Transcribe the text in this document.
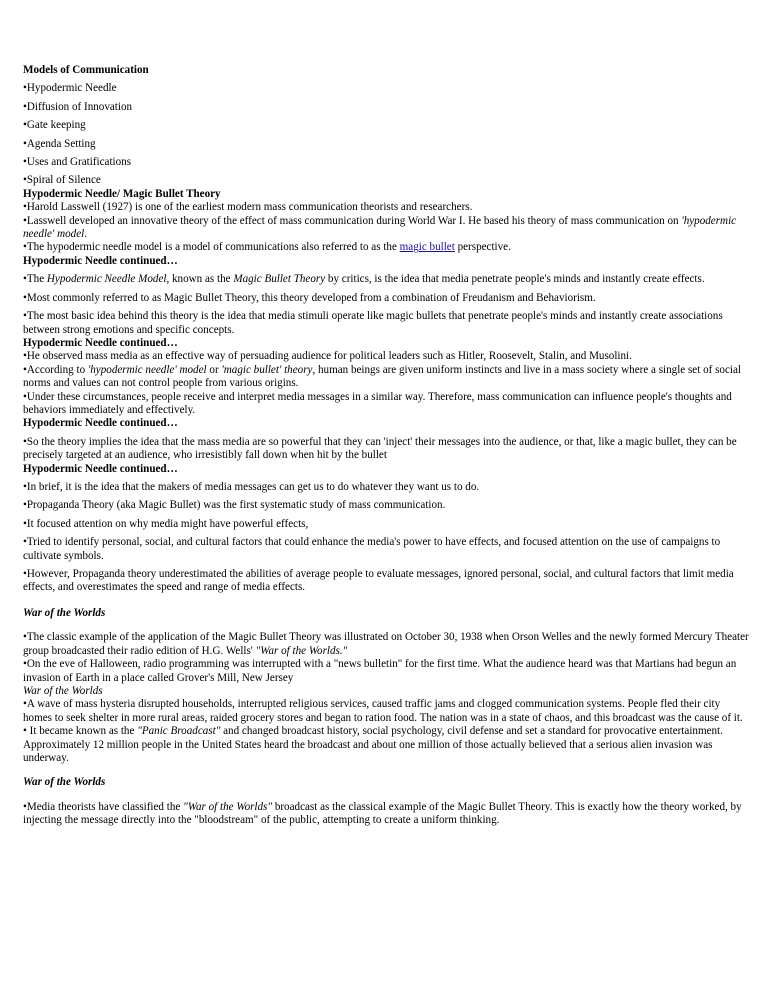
Models of Communication

•Hypodermic Needle

•Diffusion of Innovation

•Gate keeping

•Agenda Setting

•Uses and Gratifications

•Spiral of Silence

Hypodermic Needle/ Magic Bullet Theory

•Harold Lasswell (1927) is one of the earliest modern mass communication theorists and researchers.

•Lasswell developed an innovative theory of the effect of mass communication during World War I. He based his theory of mass communication on 'hypodermic needle' model.

•The hypodermic needle model is a model of communications also referred to as the magic bullet perspective.

Hypodermic Needle continued…

•The Hypodermic Needle Model, known as the Magic Bullet Theory by critics, is the idea that media penetrate people's minds and instantly create effects.

•Most commonly referred to as Magic Bullet Theory, this theory developed from a combination of Freudanism and Behaviorism.

•The most basic idea behind this theory is the idea that media stimuli operate like magic bullets that penetrate people's minds and instantly create associations between strong emotions and specific concepts.

Hypodermic Needle continued…

•He observed mass media as an effective way of persuading audience for political leaders such as Hitler, Roosevelt, Stalin, and Musolini.

•According to 'hypodermic needle' model or 'magic bullet' theory, human beings are given uniform instincts and live in a mass society where a single set of social norms and values can not control people from various origins.

•Under these circumstances, people receive and interpret media messages in a similar way. Therefore, mass communication can influence people's thoughts and behaviors immediately and effectively.

Hypodermic Needle continued…

•So the theory implies the idea that the mass media are so powerful that they can 'inject' their messages into the audience, or that, like a magic bullet, they can be precisely targeted at an audience, who irresistibly fall down when hit by the bullet

Hypodermic Needle continued…

•In brief, it is the idea that the makers of media messages can get us to do whatever they want us to do.

•Propaganda Theory (aka Magic Bullet) was the first systematic study of mass communication.

•It focused attention on why media might have powerful effects,

•Tried to identify personal, social, and cultural factors that could enhance the media's power to have effects, and focused attention on the use of campaigns to cultivate symbols.

•However, Propaganda theory underestimated the abilities of average people to evaluate messages, ignored personal, social, and cultural factors that limit media effects, and overestimates the speed and range of media effects.

War of the Worlds

•The classic example of the application of the Magic Bullet Theory was illustrated on October 30, 1938 when Orson Welles and the newly formed Mercury Theater group broadcasted their radio edition of H.G. Wells' "War of the Worlds."

•On the eve of Halloween, radio programming was interrupted with a "news bulletin" for the first time. What the audience heard was that Martians had begun an invasion of Earth in a place called Grover's Mill, New Jersey

War of the Worlds

•A wave of mass hysteria disrupted households, interrupted religious services, caused traffic jams and clogged communication systems. People fled their city homes to seek shelter in more rural areas, raided grocery stores and began to ration food. The nation was in a state of chaos, and this broadcast was the cause of it.

• It became known as the "Panic Broadcast" and changed broadcast history, social psychology, civil defense and set a standard for provocative entertainment. Approximately 12 million people in the United States heard the broadcast and about one million of those actually believed that a serious alien invasion was underway.

War of the Worlds

•Media theorists have classified the "War of the Worlds" broadcast as the classical example of the Magic Bullet Theory. This is exactly how the theory worked, by injecting the message directly into the "bloodstream" of the public, attempting to create a uniform thinking.
